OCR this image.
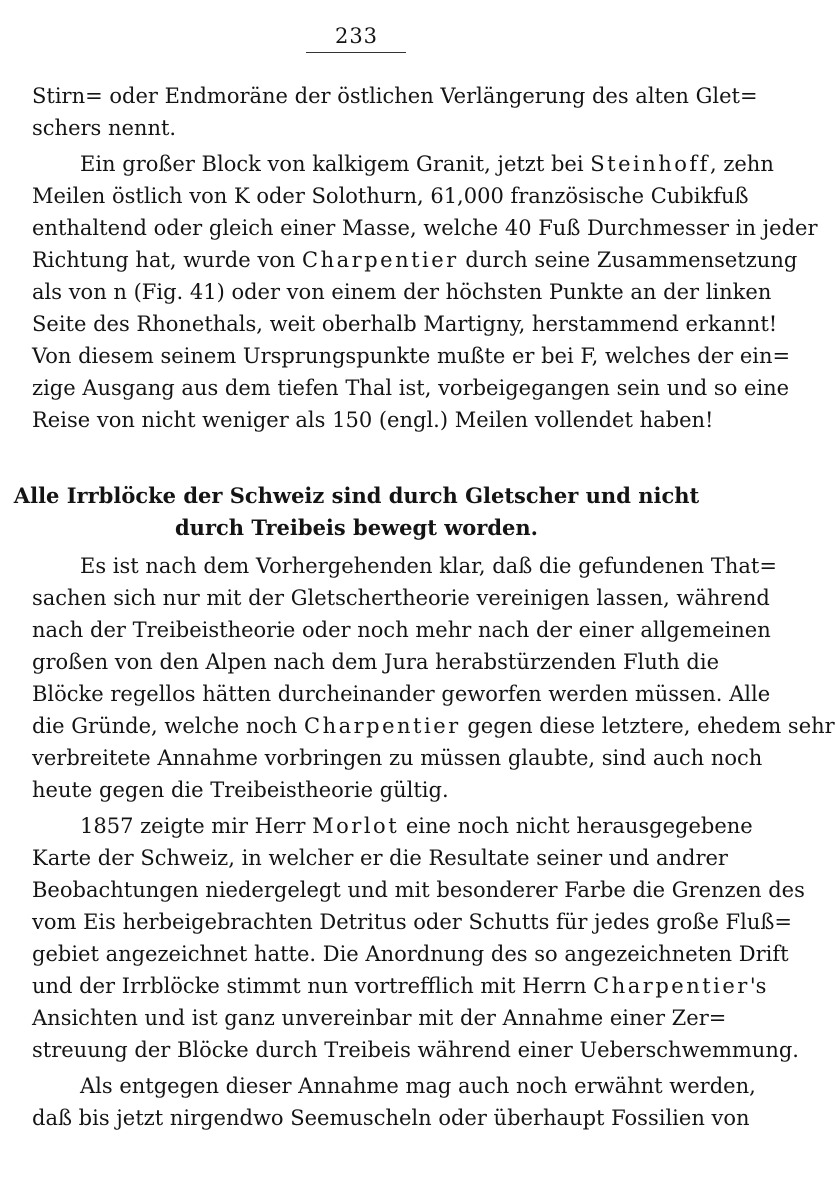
233
Stirn= oder Endmoräne der östlichen Verlängerung des alten Glet=
schers nennt.
Ein großer Block von kalkigem Granit, jetzt bei Steinhoff, zehn
Meilen östlich von K oder Solothurn, 61,000 französische Cubikfuß
enthaltend oder gleich einer Masse, welche 40 Fuß Durchmesser in jeder
Richtung hat, wurde von Charpentier durch seine Zusammensetzung
als von n (Fig. 41) oder von einem der höchsten Punkte an der linken
Seite des Rhonethals, weit oberhalb Martigny, herstammend erkannt!
Von diesem seinem Ursprungspunkte mußte er bei F, welches der ein=
zige Ausgang aus dem tiefen Thal ist, vorbeigegangen sein und so eine
Reise von nicht weniger als 150 (engl.) Meilen vollendet haben!
Alle Irrblöcke der Schweiz sind durch Gletscher und nicht
durch Treibeis bewegt worden.
Es ist nach dem Vorhergehenden klar, daß die gefundenen That=
sachen sich nur mit der Gletschertheorie vereinigen lassen, während
nach der Treibeistheorie oder noch mehr nach der einer allgemeinen
großen von den Alpen nach dem Jura herabstürzenden Fluth die
Blöcke regellos hätten durcheinander geworfen werden müssen. Alle
die Gründe, welche noch Charpentier gegen diese letztere, ehedem sehr
verbreitete Annahme vorbringen zu müssen glaubte, sind auch noch
heute gegen die Treibeistheorie gültig.
1857 zeigte mir Herr Morlot eine noch nicht herausgegebene
Karte der Schweiz, in welcher er die Resultate seiner und andrer
Beobachtungen niedergelegt und mit besonderer Farbe die Grenzen des
vom Eis herbeigebrachten Detritus oder Schutts für jedes große Fluß=
gebiet angezeichnet hatte. Die Anordnung des so angezeichneten Drift
und der Irrblöcke stimmt nun vortrefflich mit Herrn Charpentier's
Ansichten und ist ganz unvereinbar mit der Annahme einer Zer=
streuung der Blöcke durch Treibeis während einer Ueberschwemmung.
Als entgegen dieser Annahme mag auch noch erwähnt werden,
daß bis jetzt nirgendwo Seemuscheln oder überhaupt Fossilien von
